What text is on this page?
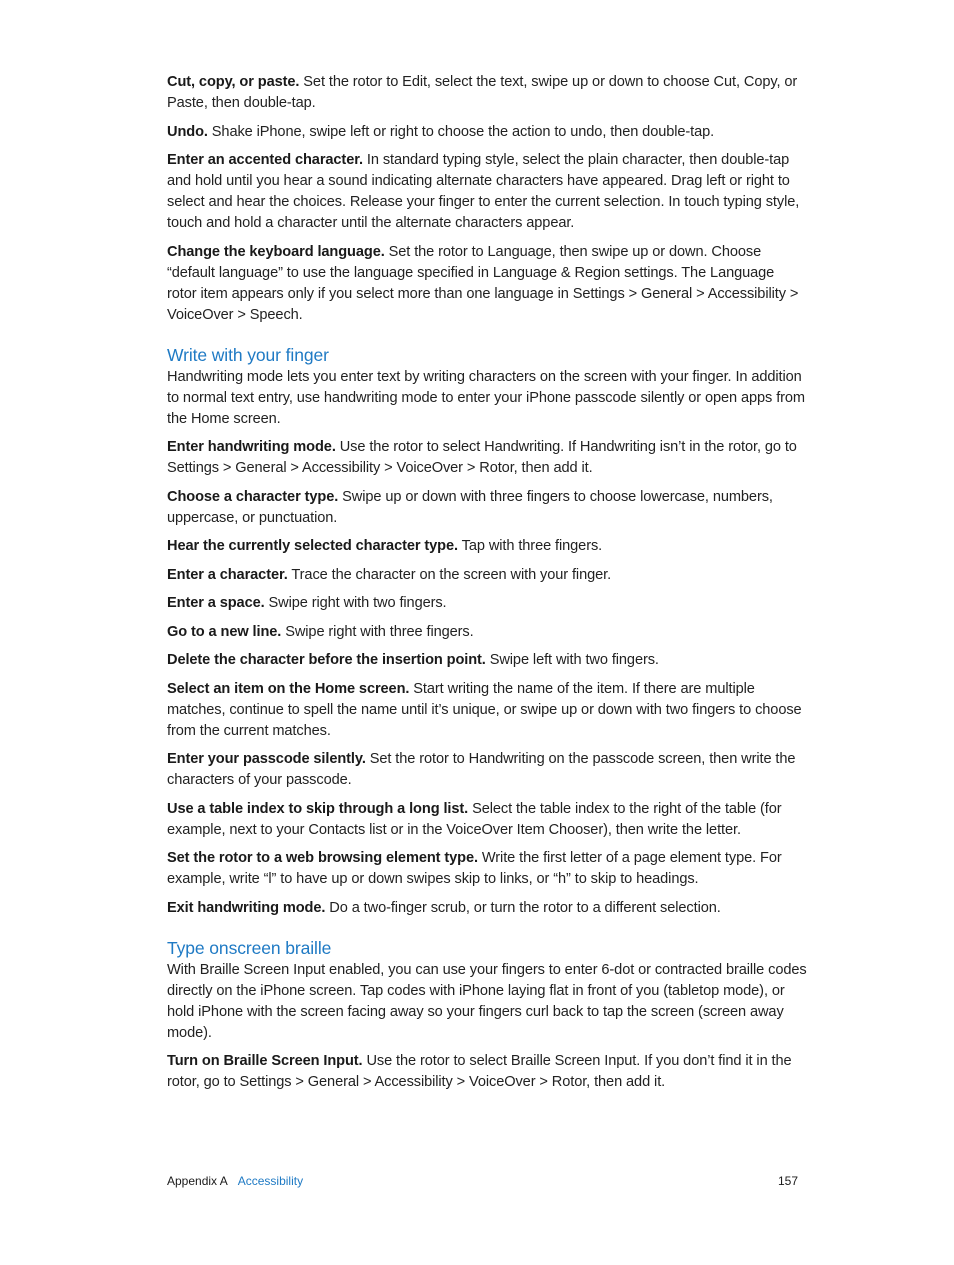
Cut, copy, or paste. Set the rotor to Edit, select the text, swipe up or down to choose Cut, Copy, or Paste, then double-tap.

Undo. Shake iPhone, swipe left or right to choose the action to undo, then double-tap.

Enter an accented character. In standard typing style, select the plain character, then double-tap and hold until you hear a sound indicating alternate characters have appeared. Drag left or right to select and hear the choices. Release your finger to enter the current selection. In touch typing style, touch and hold a character until the alternate characters appear.

Change the keyboard language. Set the rotor to Language, then swipe up or down. Choose “default language” to use the language specified in Language & Region settings. The Language rotor item appears only if you select more than one language in Settings > General > Accessibility > VoiceOver > Speech.

Write with your finger

Handwriting mode lets you enter text by writing characters on the screen with your finger. In addition to normal text entry, use handwriting mode to enter your iPhone passcode silently or open apps from the Home screen.

Enter handwriting mode. Use the rotor to select Handwriting. If Handwriting isn’t in the rotor, go to Settings > General > Accessibility > VoiceOver > Rotor, then add it.

Choose a character type. Swipe up or down with three fingers to choose lowercase, numbers, uppercase, or punctuation.

Hear the currently selected character type. Tap with three fingers.

Enter a character. Trace the character on the screen with your finger.

Enter a space. Swipe right with two fingers.

Go to a new line. Swipe right with three fingers.

Delete the character before the insertion point. Swipe left with two fingers.

Select an item on the Home screen. Start writing the name of the item. If there are multiple matches, continue to spell the name until it’s unique, or swipe up or down with two fingers to choose from the current matches.

Enter your passcode silently. Set the rotor to Handwriting on the passcode screen, then write the characters of your passcode.

Use a table index to skip through a long list. Select the table index to the right of the table (for example, next to your Contacts list or in the VoiceOver Item Chooser), then write the letter.

Set the rotor to a web browsing element type. Write the first letter of a page element type. For example, write “l” to have up or down swipes skip to links, or “h” to skip to headings.

Exit handwriting mode. Do a two-finger scrub, or turn the rotor to a different selection.

Type onscreen braille

With Braille Screen Input enabled, you can use your fingers to enter 6-dot or contracted braille codes directly on the iPhone screen. Tap codes with iPhone laying flat in front of you (tabletop mode), or hold iPhone with the screen facing away so your fingers curl back to tap the screen (screen away mode).

Turn on Braille Screen Input. Use the rotor to select Braille Screen Input. If you don’t find it in the rotor, go to Settings > General > Accessibility > VoiceOver > Rotor, then add it.

Appendix A Accessibility	157
